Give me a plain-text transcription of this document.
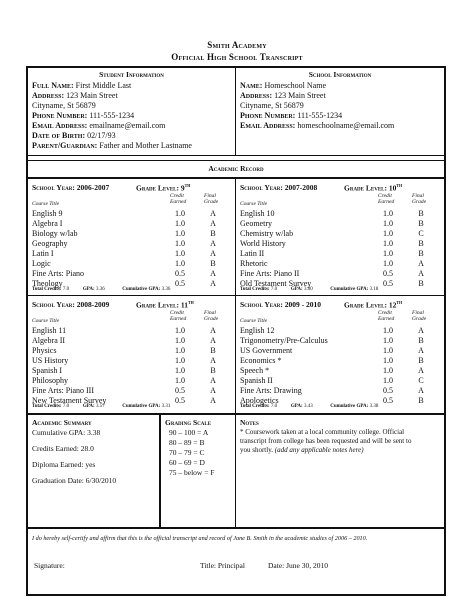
Smith Academy
Official High School Transcript
Student Information
Full Name: First Middle Last
Address: 123 Main Street
Cityname, St 56879
Phone Number: 111-555-1234
Email Address: emailname@email.com
Date of Birth: 02/17/93
Parent/Guardian: Father and Mother Lastname
School Information
Name: Homeschool Name
Address: 123 Main Street
Cityname, St 56879
Phone Number: 111-555-1234
Email Address: homeschoolname@email.com
Academic Record
School Year: 2006-2007	Grade Level: 9th
Credit
Earned
Final
Grade
Course Title
English 9	1.0	A
Algebra I	1.0	A
Biology w/lab	1.0	B
Geography	1.0	A
Latin I	1.0	A
Logic	1.0	B
Fine Arts: Piano	0.5	A
Theology	0.5	A
Total Credits: 7.0	GPA: 3.36	Cumulative GPA: 3.36
School Year: 2007-2008	Grade Level: 10th
Credit
Earned
Final
Grade
Course Title
English 10	1.0	B
Geometry	1.0	B
Chemistry w/lab	1.0	C
World History	1.0	B
Latin II	1.0	B
Rhetoric	1.0	A
Fine Arts: Piano II	0.5	A
Old Testament Survey	0.5	B
Total Credits: 7.0	GPA: 3.00	Cumulative GPA: 3.18
School Year: 2008-2009	Grade Level: 11th
Credit
Earned
Final
Grade
Course Title
English 11	1.0	A
Algebra II	1.0	A
Physics	1.0	B
US History	1.0	A
Spanish I	1.0	B
Philosophy	1.0	A
Fine Arts: Piano III	0.5	A
New Testament Survey	0.5	A
Total Credits: 7.0	GPA: 3.57	Cumulative GPA: 3.31
School Year: 2009 - 2010	Grade Level: 12th
Credit
Earned
Final
Grade
Course Title
English 12	1.0	A
Trigonometry/Pre-Calculus	1.0	B
US Government	1.0	A
Economics *	1.0	B
Speech *	1.0	A
Spanish II	1.0	C
Fine Arts: Drawing	0.5	A
Apologetics	0.5	B
Total Credits: 7.0	GPA: 3.43	Cumulative GPA: 3.38
Academic Summary
Cumulative GPA: 3.38
Credits Earned: 28.0
Diploma Earned: yes
Graduation Date: 6/30/2010
Grading Scale
90 – 100 = A
80 – 89 = B
70 – 79 = C
60 – 69 = D
75 – below = F
Notes
* Coursework taken at a local community college. Official
transcript from college has been requested and will be sent to
you shortly. (add any applicable notes here)
I do hereby self-certify and affirm that this is the official transcript and record of Jane B. Smith in the academic studies of 2006 – 2010.
Signature:	Title: Principal	Date: June 30, 2010
